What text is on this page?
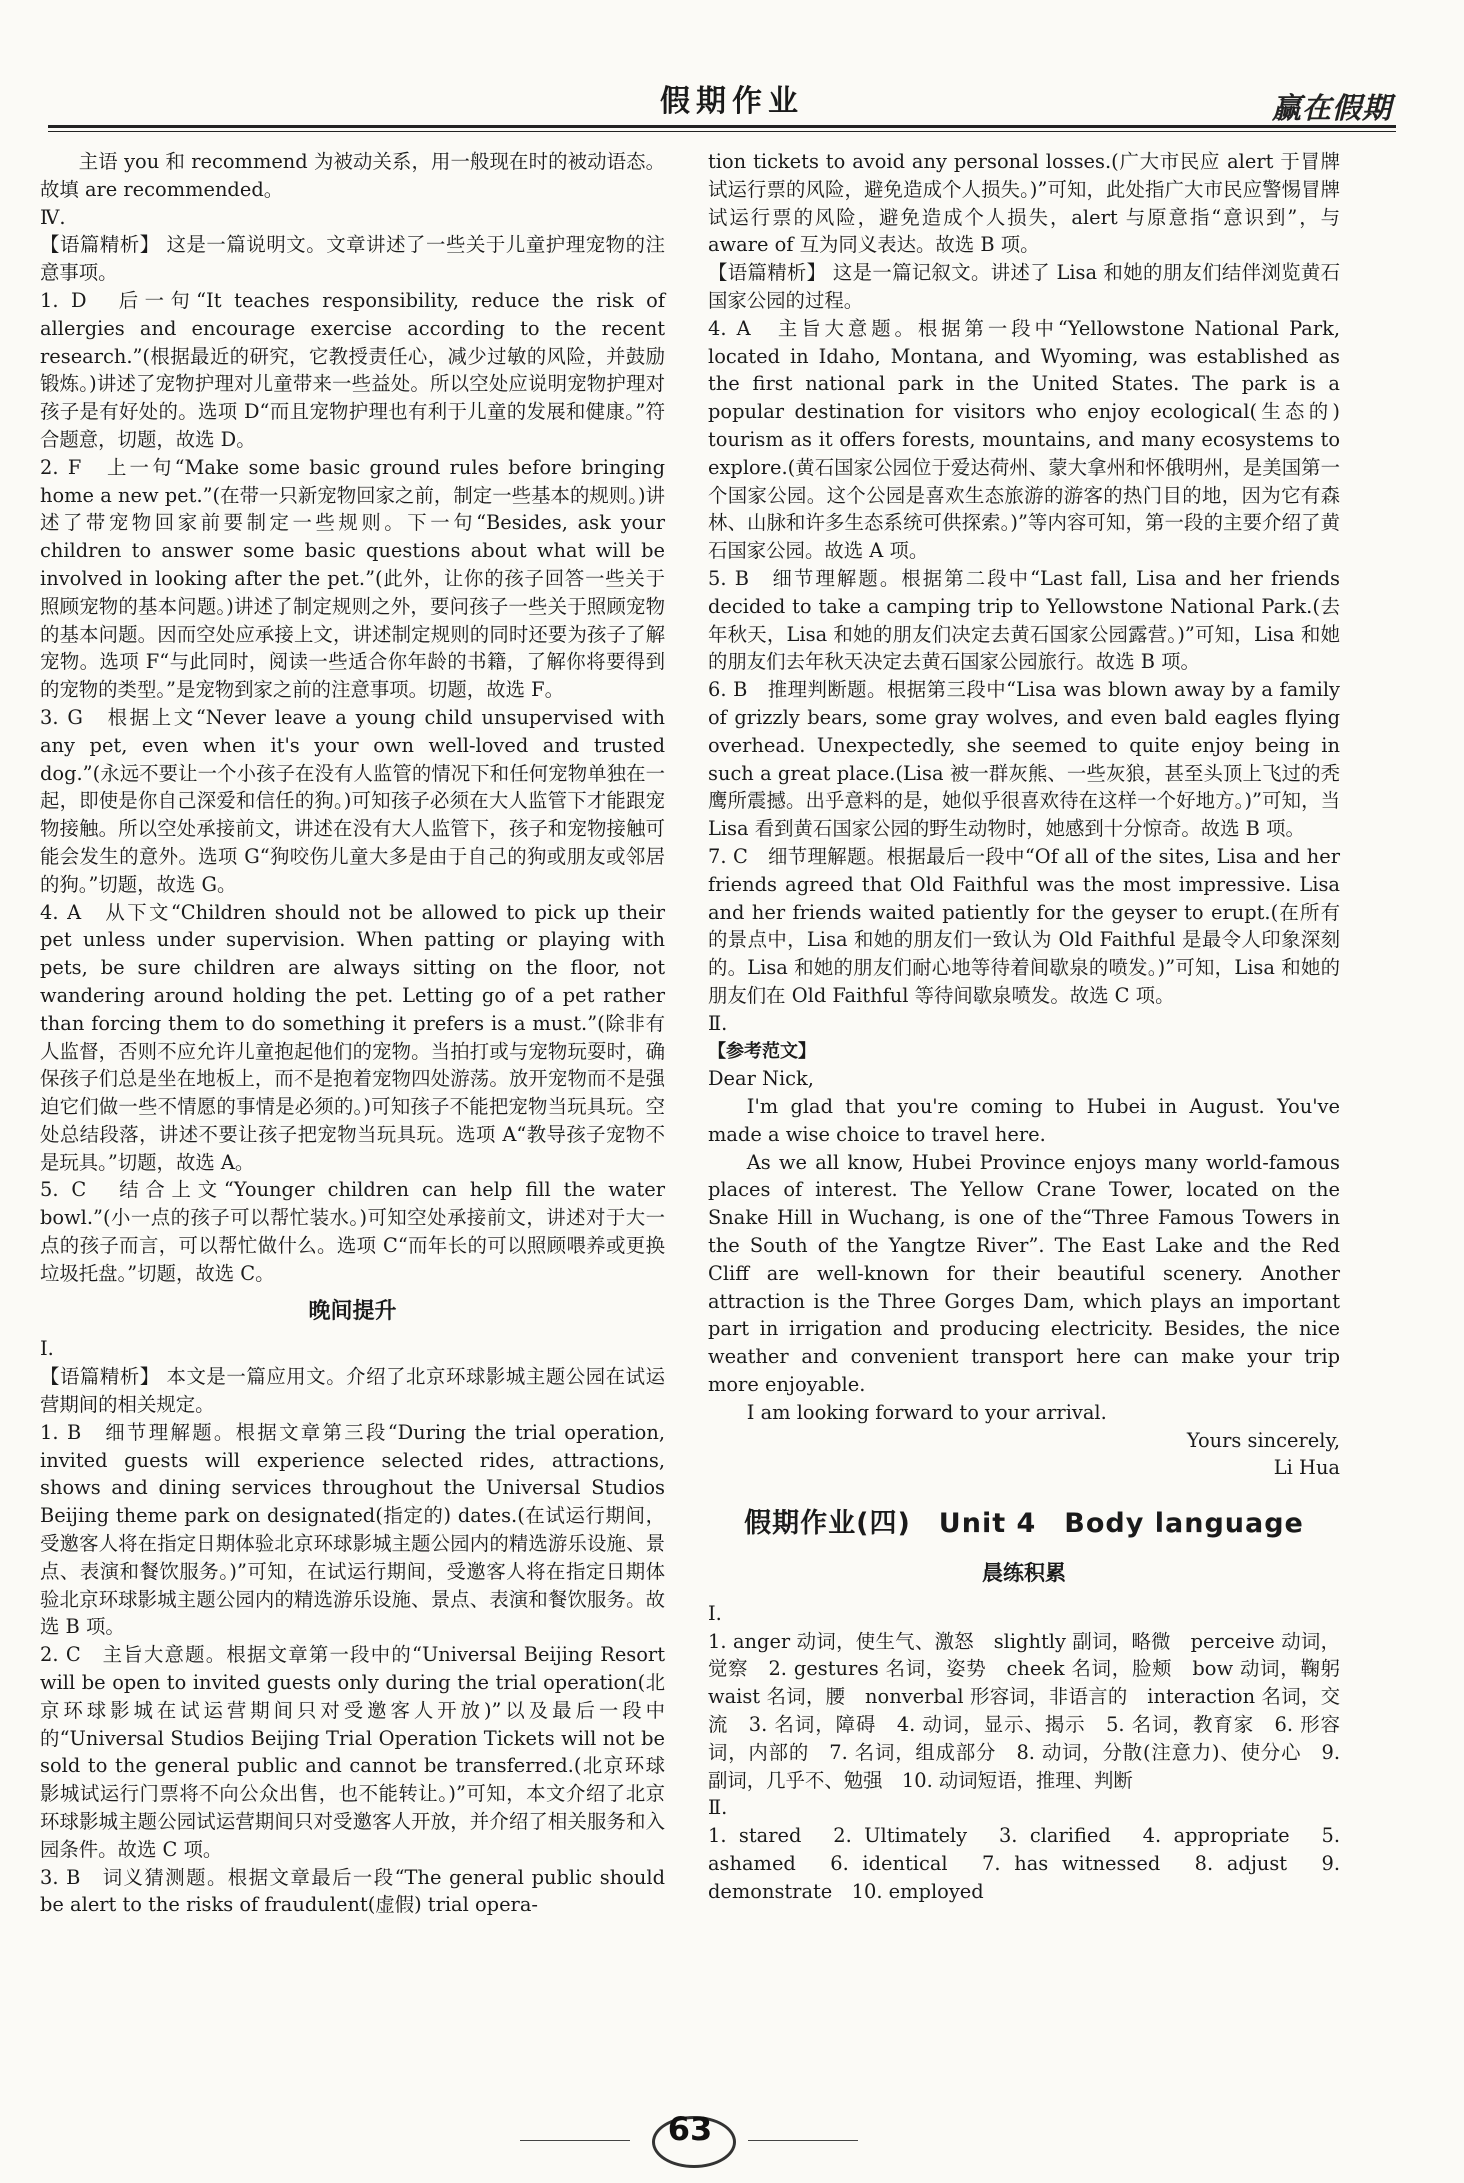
假期作业	赢在假期

主语 you 和 recommend 为被动关系，用一般现在时的被动语态。故填 are recommended。

Ⅳ.

【语篇精析】 这是一篇说明文。文章讲述了一些关于儿童护理宠物的注意事项。

1. D　后一句“It teaches responsibility, reduce the risk of allergies and encourage exercise according to the recent research.”(根据最近的研究，它教授责任心，减少过敏的风险，并鼓励锻炼。)讲述了宠物护理对儿童带来一些益处。所以空处应说明宠物护理对孩子是有好处的。选项 D“而且宠物护理也有利于儿童的发展和健康。”符合题意，切题，故选 D。

2. F　上一句“Make some basic ground rules before bringing home a new pet.”(在带一只新宠物回家之前，制定一些基本的规则。)讲述了带宠物回家前要制定一些规则。下一句“Besides, ask your children to answer some basic questions about what will be involved in looking after the pet.”(此外，让你的孩子回答一些关于照顾宠物的基本问题。)讲述了制定规则之外，要问孩子一些关于照顾宠物的基本问题。因而空处应承接上文，讲述制定规则的同时还要为孩子了解宠物。选项 F“与此同时，阅读一些适合你年龄的书籍，了解你将要得到的宠物的类型。”是宠物到家之前的注意事项。切题，故选 F。

3. G　根据上文“Never leave a young child unsupervised with any pet, even when it's your own well-loved and trusted dog.”(永远不要让一个小孩子在没有人监管的情况下和任何宠物单独在一起，即使是你自己深爱和信任的狗。)可知孩子必须在大人监管下才能跟宠物接触。所以空处承接前文，讲述在没有大人监管下，孩子和宠物接触可能会发生的意外。选项 G“狗咬伤儿童大多是由于自己的狗或朋友或邻居的狗。”切题，故选 G。

4. A　从下文“Children should not be allowed to pick up their pet unless under supervision. When patting or playing with pets, be sure children are always sitting on the floor, not wandering around holding the pet. Letting go of a pet rather than forcing them to do something it prefers is a must.”(除非有人监督，否则不应允许儿童抱起他们的宠物。当拍打或与宠物玩耍时，确保孩子们总是坐在地板上，而不是抱着宠物四处游荡。放开宠物而不是强迫它们做一些不情愿的事情是必须的。)可知孩子不能把宠物当玩具玩。空处总结段落，讲述不要让孩子把宠物当玩具玩。选项 A“教导孩子宠物不是玩具。”切题，故选 A。

5. C　结合上文“Younger children can help fill the water bowl.”(小一点的孩子可以帮忙装水。)可知空处承接前文，讲述对于大一点的孩子而言，可以帮忙做什么。选项 C“而年长的可以照顾喂养或更换垃圾托盘。”切题，故选 C。

晚间提升

Ⅰ.

【语篇精析】 本文是一篇应用文。介绍了北京环球影城主题公园在试运营期间的相关规定。

1. B　细节理解题。根据文章第三段“During the trial operation, invited guests will experience selected rides, attractions, shows and dining services throughout the Universal Studios Beijing theme park on designated(指定的) dates.(在试运行期间，受邀客人将在指定日期体验北京环球影城主题公园内的精选游乐设施、景点、表演和餐饮服务。)”可知，在试运行期间，受邀客人将在指定日期体验北京环球影城主题公园内的精选游乐设施、景点、表演和餐饮服务。故选 B 项。

2. C　主旨大意题。根据文章第一段中的“Universal Beijing Resort will be open to invited guests only during the trial operation(北京环球影城在试运营期间只对受邀客人开放)”以及最后一段中的“Universal Studios Beijing Trial Operation Tickets will not be sold to the general public and cannot be transferred.(北京环球影城试运行门票将不向公众出售，也不能转让。)”可知，本文介绍了北京环球影城主题公园试运营期间只对受邀客人开放，并介绍了相关服务和入园条件。故选 C 项。

3. B　词义猜测题。根据文章最后一段“The general public should be alert to the risks of fraudulent(虚假) trial opera-

tion tickets to avoid any personal losses.(广大市民应 alert 于冒牌试运行票的风险，避免造成个人损失。)”可知，此处指广大市民应警惕冒牌试运行票的风险，避免造成个人损失，alert 与原意指“意识到”，与 aware of 互为同义表达。故选 B 项。

【语篇精析】 这是一篇记叙文。讲述了 Lisa 和她的朋友们结伴浏览黄石国家公园的过程。

4. A　主旨大意题。根据第一段中“Yellowstone National Park, located in Idaho, Montana, and Wyoming, was established as the first national park in the United States. The park is a popular destination for visitors who enjoy ecological(生态的) tourism as it offers forests, mountains, and many ecosystems to explore.(黄石国家公园位于爱达荷州、蒙大拿州和怀俄明州，是美国第一个国家公园。这个公园是喜欢生态旅游的游客的热门目的地，因为它有森林、山脉和许多生态系统可供探索。)”等内容可知，第一段的主要介绍了黄石国家公园。故选 A 项。

5. B　细节理解题。根据第二段中“Last fall, Lisa and her friends decided to take a camping trip to Yellowstone National Park.(去年秋天，Lisa 和她的朋友们决定去黄石国家公园露营。)”可知，Lisa 和她的朋友们去年秋天决定去黄石国家公园旅行。故选 B 项。

6. B　推理判断题。根据第三段中“Lisa was blown away by a family of grizzly bears, some gray wolves, and even bald eagles flying overhead. Unexpectedly, she seemed to quite enjoy being in such a great place.(Lisa 被一群灰熊、一些灰狼，甚至头顶上飞过的秃鹰所震撼。出乎意料的是，她似乎很喜欢待在这样一个好地方。)”可知，当 Lisa 看到黄石国家公园的野生动物时，她感到十分惊奇。故选 B 项。

7. C　细节理解题。根据最后一段中“Of all of the sites, Lisa and her friends agreed that Old Faithful was the most impressive. Lisa and her friends waited patiently for the geyser to erupt.(在所有的景点中，Lisa 和她的朋友们一致认为 Old Faithful 是最令人印象深刻的。Lisa 和她的朋友们耐心地等待着间歇泉的喷发。)”可知，Lisa 和她的朋友们在 Old Faithful 等待间歇泉喷发。故选 C 项。

Ⅱ.

【参考范文】

Dear Nick,

I'm glad that you're coming to Hubei in August. You've made a wise choice to travel here.

As we all know, Hubei Province enjoys many world-famous places of interest. The Yellow Crane Tower, located on the Snake Hill in Wuchang, is one of the“Three Famous Towers in the South of the Yangtze River”. The East Lake and the Red Cliff are well-known for their beautiful scenery. Another attraction is the Three Gorges Dam, which plays an important part in irrigation and producing electricity. Besides, the nice weather and convenient transport here can make your trip more enjoyable.

I am looking forward to your arrival.

Yours sincerely,

Li Hua

假期作业(四)　Unit 4　Body language
晨练积累

Ⅰ.

1. anger 动词，使生气、激怒　slightly 副词，略微　perceive 动词，觉察　2. gestures 名词，姿势　cheek 名词，脸颊　bow 动词，鞠躬　waist 名词，腰　nonverbal 形容词，非语言的　interaction 名词，交流　3. 名词，障碍　4. 动词，显示、揭示　5. 名词，教育家　6. 形容词，内部的　7. 名词，组成部分　8. 动词，分散(注意力)、使分心　9. 副词，几乎不、勉强　10. 动词短语，推理、判断

Ⅱ.

1. stared　2. Ultimately　3. clarified　4. appropriate　5. ashamed　6. identical　7. has witnessed　8. adjust　9. demonstrate　10. employed

63
